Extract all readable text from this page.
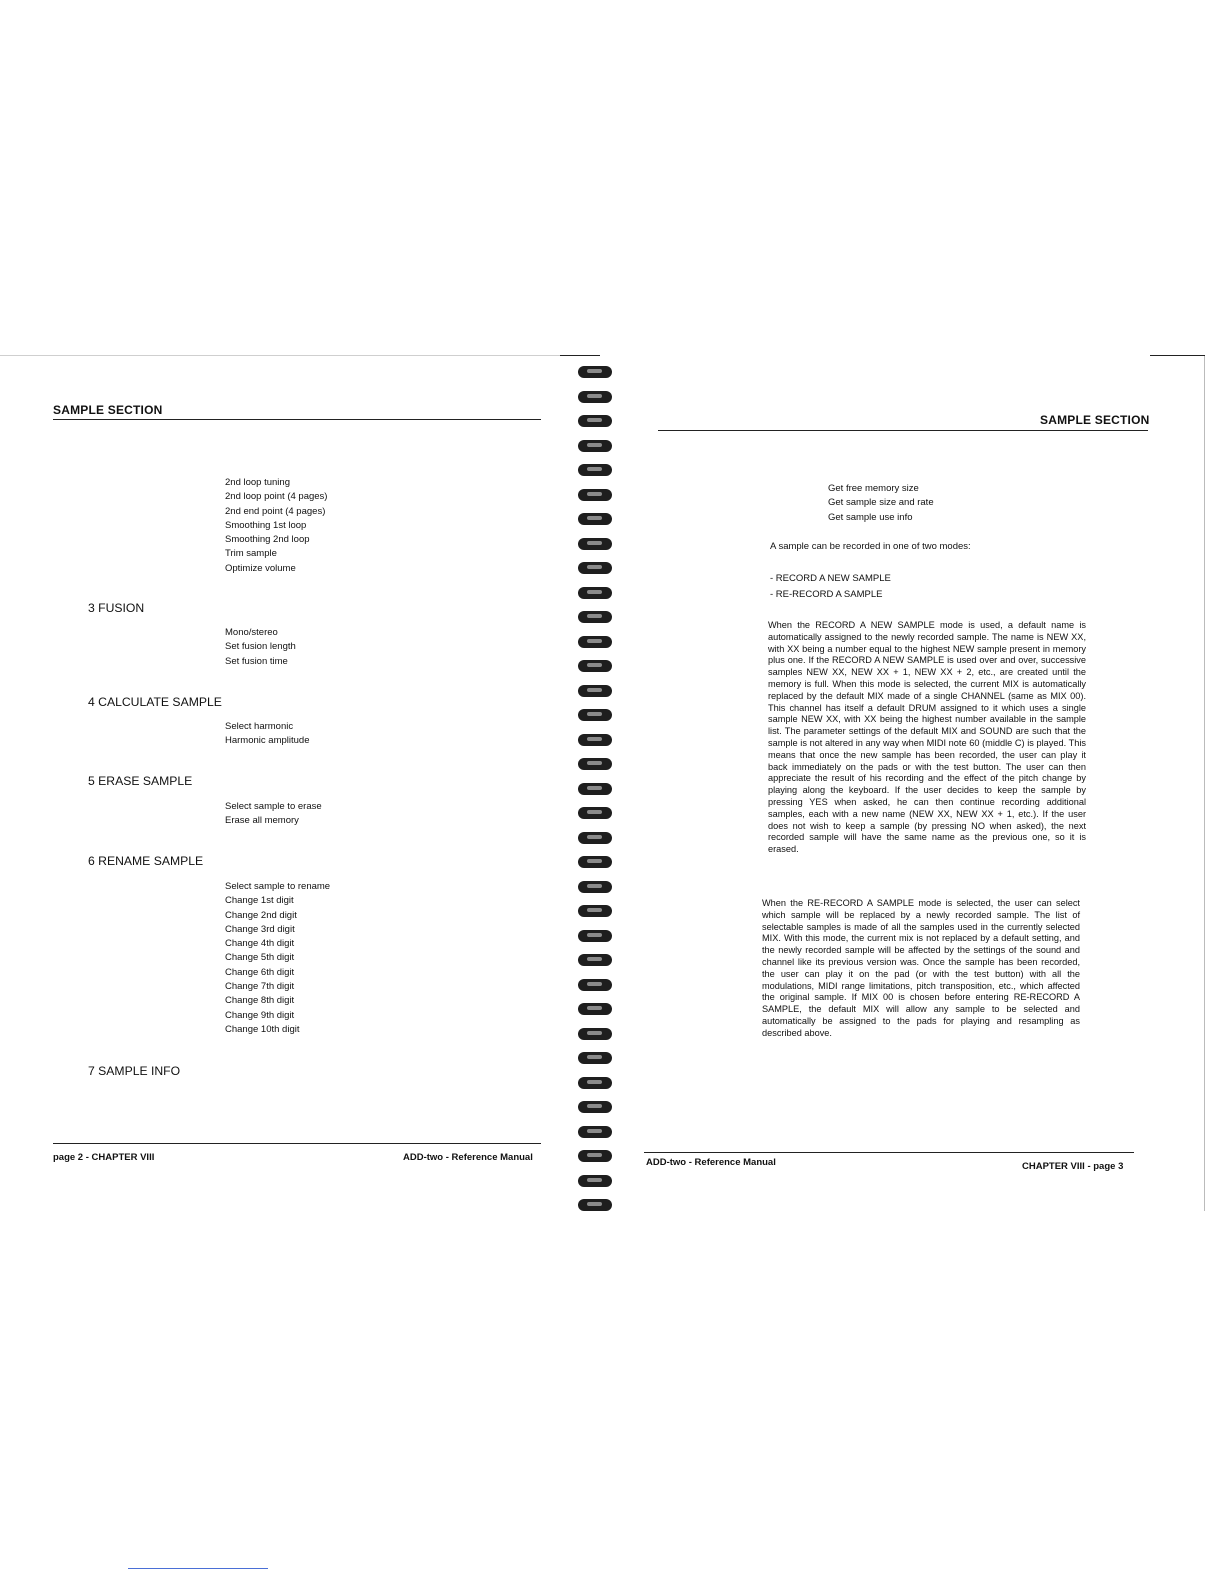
SAMPLE SECTION
2nd loop tuning
2nd loop point (4 pages)
2nd end point (4 pages)
Smoothing 1st loop
Smoothing 2nd loop
Trim sample
Optimize volume
3 FUSION
Mono/stereo
Set fusion length
Set fusion time
4 CALCULATE SAMPLE
Select harmonic
Harmonic amplitude
5 ERASE SAMPLE
Select sample to erase
Erase all memory
6 RENAME SAMPLE
Select sample to rename
Change 1st digit
Change 2nd digit
Change 3rd digit
Change 4th digit
Change 5th digit
Change 6th digit
Change 7th digit
Change 8th digit
Change 9th digit
Change 10th digit
7 SAMPLE INFO
page 2 - CHAPTER VIII	ADD-two - Reference Manual
SAMPLE SECTION
Get free memory size
Get sample size and rate
Get sample use info
A sample can be recorded in one of two modes:
- RECORD A NEW SAMPLE
- RE-RECORD A SAMPLE
When the RECORD A NEW SAMPLE mode is used, a default name is automatically assigned to the newly recorded sample. The name is NEW XX, with XX being a number equal to the highest NEW sample present in memory plus one. If the RECORD A NEW SAMPLE is used over and over, successive samples NEW XX, NEW XX + 1, NEW XX + 2, etc., are created until the memory is full. When this mode is selected, the current MIX is automatically replaced by the default MIX made of a single CHANNEL (same as MIX 00). This channel has itself a default DRUM assigned to it which uses a single sample NEW XX, with XX being the highest number available in the sample list. The parameter settings of the default MIX and SOUND are such that the sample is not altered in any way when MIDI note 60 (middle C) is played. This means that once the new sample has been recorded, the user can play it back immediately on the pads or with the test button. The user can then appreciate the result of his recording and the effect of the pitch change by playing along the keyboard. If the user decides to keep the sample by pressing YES when asked, he can then continue recording additional samples, each with a new name (NEW XX, NEW XX + 1, etc.). If the user does not wish to keep a sample (by pressing NO when asked), the next recorded sample will have the same name as the previous one, so it is erased.
When the RE-RECORD A SAMPLE mode is selected, the user can select which sample will be replaced by a newly recorded sample. The list of selectable samples is made of all the samples used in the currently selected MIX. With this mode, the current mix is not replaced by a default setting, and the newly recorded sample will be affected by the settings of the sound and channel like its previous version was. Once the sample has been recorded, the user can play it on the pad (or with the test button) with all the modulations, MIDI range limitations, pitch transposition, etc., which affected the original sample. If MIX 00 is chosen before entering RE-RECORD A SAMPLE, the default MIX will allow any sample to be selected and automatically be assigned to the pads for playing and resampling as described above.
ADD-two - Reference Manual	CHAPTER VIII - page 3
